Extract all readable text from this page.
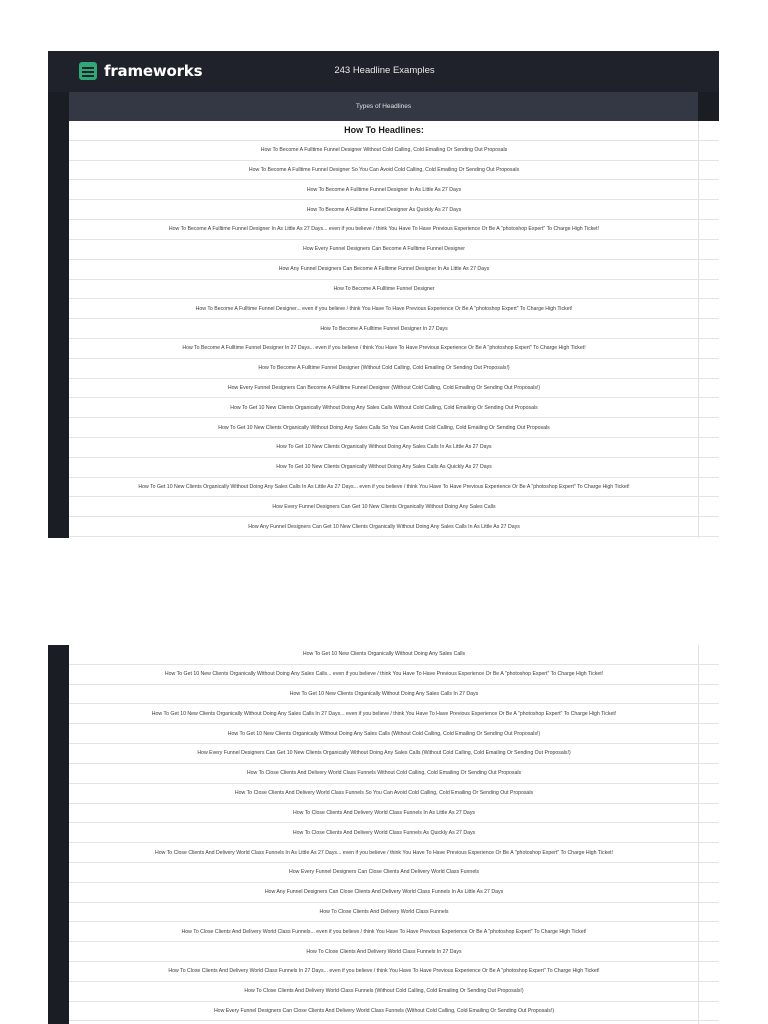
frameworks	243 Headline Examples
Types of Headlines
How To Headlines:
How To Become A Fulltime Funnel Designer Without Cold Calling, Cold Emailing Or Sending Out Proposals
How To Become A Fulltime Funnel Designer So You Can Avoid Cold Calling, Cold Emailing Or Sending Out Proposals
How To Become A Fulltime Funnel Designer In As Little As 27 Days
How To Become A Fulltime Funnel Designer As Quickly As 27 Days
How To Become A Fulltime Funnel Designer In As Little As 27 Days... even if you believe / think You Have To Have Previous Experience Or Be A "photoshop Expert" To Charge High Ticket!
How Every Funnel Designers Can Become A Fulltime Funnel Designer
How Any Funnel Designers Can Become A Fulltime Funnel Designer In As Little As 27 Days
How To Become A Fulltime Funnel Designer
How To Become A Fulltime Funnel Designer... even if you believe / think You Have To Have Previous Experience Or Be A "photoshop Expert" To Charge High Ticket!
How To Become A Fulltime Funnel Designer In 27 Days
How To Become A Fulltime Funnel Designer In 27 Days... even if you believe / think You Have To Have Previous Experience Or Be A "photoshop Expert" To Charge High Ticket!
How To Become A Fulltime Funnel Designer (Without Cold Calling, Cold Emailing Or Sending Out Proposals!)
How Every Funnel Designers Can Become A Fulltime Funnel Designer (Without Cold Calling, Cold Emailing Or Sending Out Proposals!)
How To Get 10 New Clients Organically Without Doing Any Sales Calls Without Cold Calling, Cold Emailing Or Sending Out Proposals
How To Get 10 New Clients Organically Without Doing Any Sales Calls So You Can Avoid Cold Calling, Cold Emailing Or Sending Out Proposals
How To Get 10 New Clients Organically Without Doing Any Sales Calls In As Little As 27 Days
How To Get 10 New Clients Organically Without Doing Any Sales Calls As Quickly As 27 Days
How To Get 10 New Clients Organically Without Doing Any Sales Calls In As Little As 27 Days... even if you believe / think You Have To Have Previous Experience Or Be A "photoshop Expert" To Charge High Ticket!
How Every Funnel Designers Can Get 10 New Clients Organically Without Doing Any Sales Calls
How Any Funnel Designers Can Get 10 New Clients Organically Without Doing Any Sales Calls In As Little As 27 Days
How To Get 10 New Clients Organically Without Doing Any Sales Calls
How To Get 10 New Clients Organically Without Doing Any Sales Calls... even if you believe / think You Have To Have Previous Experience Or Be A "photoshop Expert" To Charge High Ticket!
How To Get 10 New Clients Organically Without Doing Any Sales Calls In 27 Days
How To Get 10 New Clients Organically Without Doing Any Sales Calls In 27 Days... even if you believe / think You Have To Have Previous Experience Or Be A "photoshop Expert" To Charge High Ticket!
How To Get 10 New Clients Organically Without Doing Any Sales Calls (Without Cold Calling, Cold Emailing Or Sending Out Proposals!)
How Every Funnel Designers Can Get 10 New Clients Organically Without Doing Any Sales Calls (Without Cold Calling, Cold Emailing Or Sending Out Proposals!)
How To Close Clients And Delivery World Class Funnels Without Cold Calling, Cold Emailing Or Sending Out Proposals
How To Close Clients And Delivery World Class Funnels So You Can Avoid Cold Calling, Cold Emailing Or Sending Out Proposals
How To Close Clients And Delivery World Class Funnels In As Little As 27 Days
How To Close Clients And Delivery World Class Funnels As Quickly As 27 Days
How To Close Clients And Delivery World Class Funnels In As Little As 27 Days... even if you believe / think You Have To Have Previous Experience Or Be A "photoshop Expert" To Charge High Ticket!
How Every Funnel Designers Can Close Clients And Delivery World Class Funnels
How Any Funnel Designers Can Close Clients And Delivery World Class Funnels In As Little As 27 Days
How To Close Clients And Delivery World Class Funnels
How To Close Clients And Delivery World Class Funnels... even if you believe / think You Have To Have Previous Experience Or Be A "photoshop Expert" To Charge High Ticket!
How To Close Clients And Delivery World Class Funnels In 27 Days
How To Close Clients And Delivery World Class Funnels In 27 Days... even if you believe / think You Have To Have Previous Experience Or Be A "photoshop Expert" To Charge High Ticket!
How To Close Clients And Delivery World Class Funnels (Without Cold Calling, Cold Emailing Or Sending Out Proposals!)
How Every Funnel Designers Can Close Clients And Delivery World Class Funnels (Without Cold Calling, Cold Emailing Or Sending Out Proposals!)
